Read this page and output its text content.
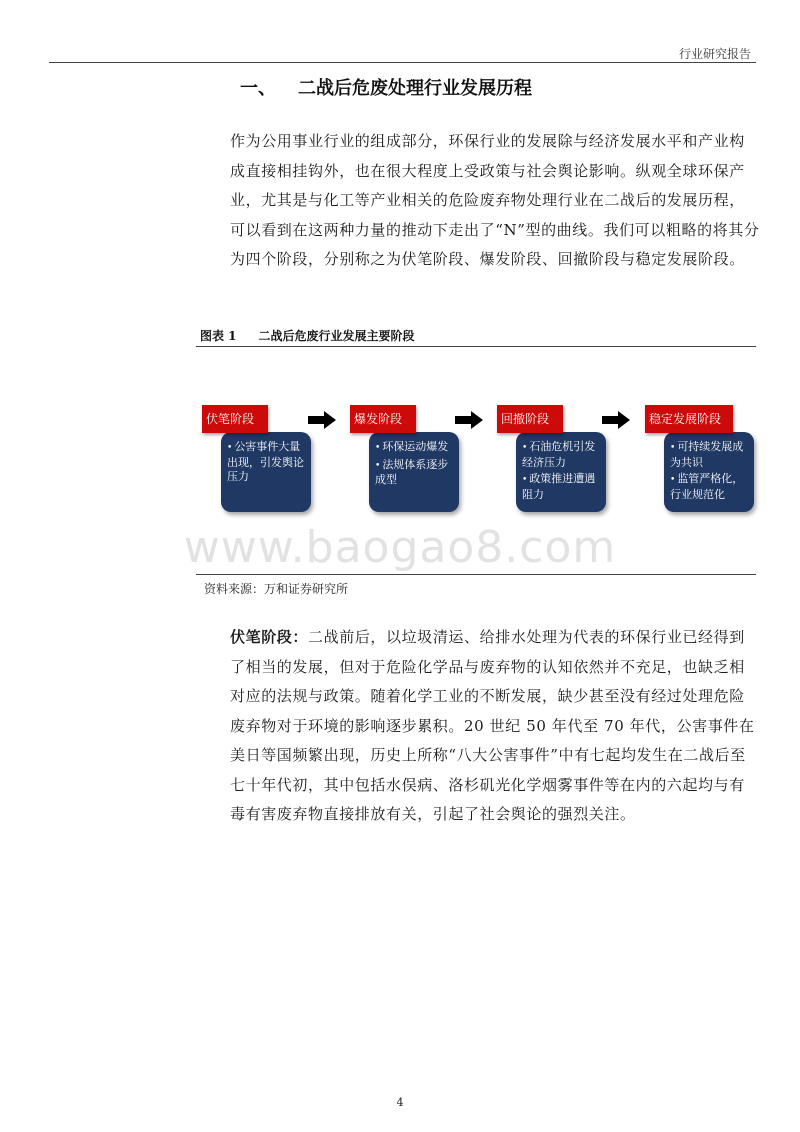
行业研究报告
一、 二战后危废处理行业发展历程

作为公用事业行业的组成部分，环保行业的发展除与经济发展水平和产业构成直接相挂钩外，也在很大程度上受政策与社会舆论影响。纵观全球环保产业，尤其是与化工等产业相关的危险废弃物处理行业在二战后的发展历程，可以看到在这两种力量的推动下走出了“N”型的曲线。我们可以粗略的将其分为四个阶段，分别称之为伏笔阶段、爆发阶段、回撤阶段与稳定发展阶段。

图表 1 二战后危废行业发展主要阶段
伏笔阶段
• 公害事件大量出现，引发舆论压力
爆发阶段
• 环保运动爆发
• 法规体系逐步成型
回撤阶段
• 石油危机引发经济压力
• 政策推进遭遇阻力
稳定发展阶段
• 可持续发展成为共识
• 监管严格化，行业规范化
www.baogao8.com
资料来源：万和证券研究所

伏笔阶段：二战前后，以垃圾清运、给排水处理为代表的环保行业已经得到了相当的发展，但对于危险化学品与废弃物的认知依然并不充足，也缺乏相对应的法规与政策。随着化学工业的不断发展，缺少甚至没有经过处理危险废弃物对于环境的影响逐步累积。20 世纪 50 年代至 70 年代，公害事件在美日等国频繁出现，历史上所称“八大公害事件”中有七起均发生在二战后至七十年代初，其中包括水俣病、洛杉矶光化学烟雾事件等在内的六起均与有毒有害废弃物直接排放有关，引起了社会舆论的强烈关注。

4
